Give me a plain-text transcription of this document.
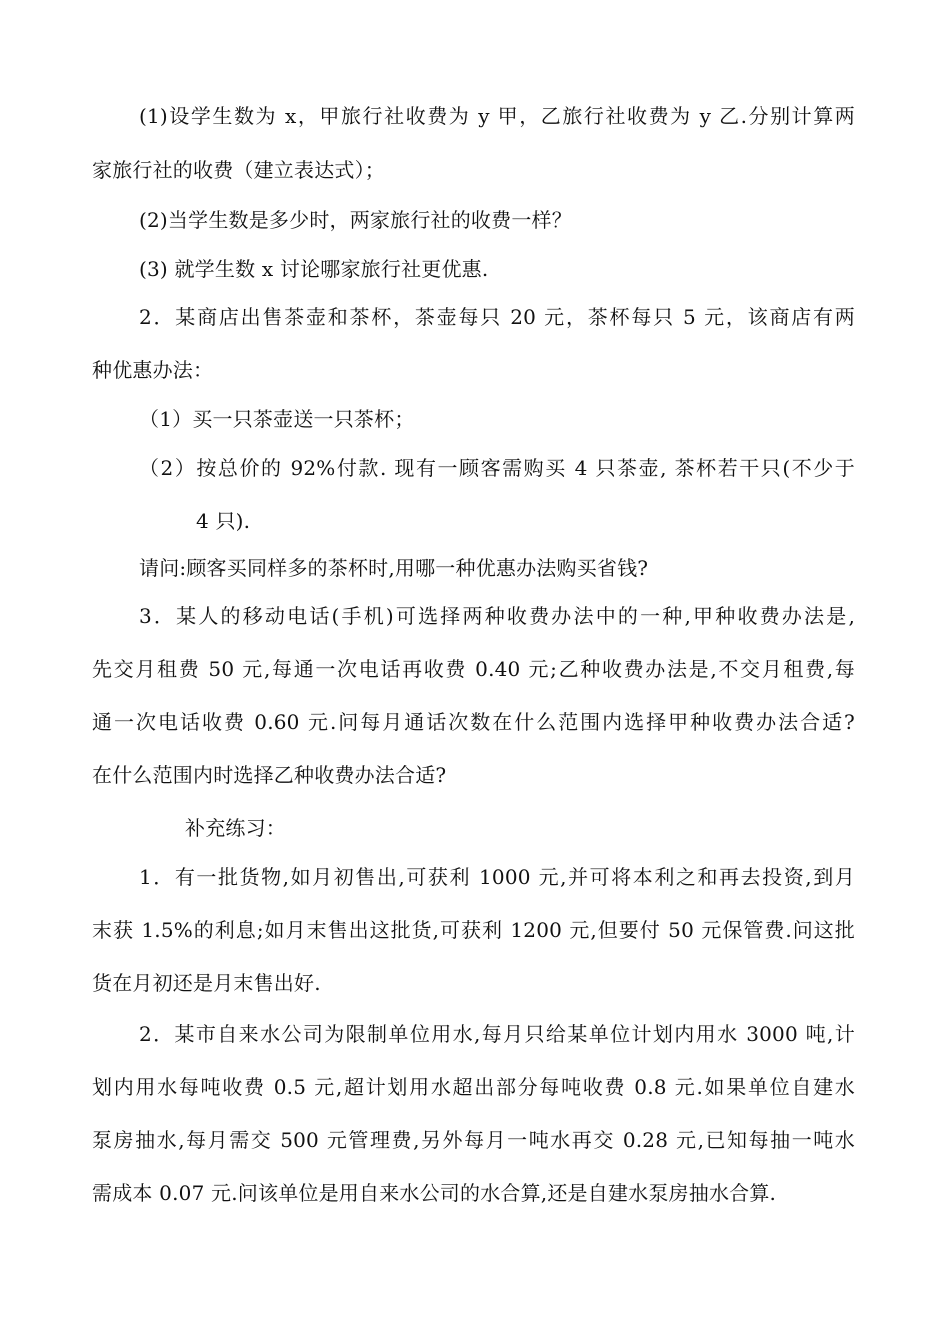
(1)设学生数为 x，甲旅行社收费为 y 甲，乙旅行社收费为 y 乙.分别计算两
家旅行社的收费（建立表达式）；
(2)当学生数是多少时，两家旅行社的收费一样？
(3) 就学生数 x 讨论哪家旅行社更优惠.
2．某商店出售茶壶和茶杯，茶壶每只 20 元，茶杯每只 5 元，该商店有两
种优惠办法：
（1）买一只茶壶送一只茶杯；
（2）按总价的 92%付款. 现有一顾客需购买 4 只茶壶, 茶杯若干只(不少于
4 只).
请问:顾客买同样多的茶杯时,用哪一种优惠办法购买省钱?
3．某人的移动电话(手机)可选择两种收费办法中的一种,甲种收费办法是,
先交月租费 50 元,每通一次电话再收费 0.40 元;乙种收费办法是,不交月租费,每
通一次电话收费 0.60 元.问每月通话次数在什么范围内选择甲种收费办法合适?
在什么范围内时选择乙种收费办法合适?
补充练习：
1．有一批货物,如月初售出,可获利 1000 元,并可将本利之和再去投资,到月
末获 1.5%的利息;如月末售出这批货,可获利 1200 元,但要付 50 元保管费.问这批
货在月初还是月末售出好.
2．某市自来水公司为限制单位用水,每月只给某单位计划内用水 3000 吨,计
划内用水每吨收费 0.5 元,超计划用水超出部分每吨收费 0.8 元.如果单位自建水
泵房抽水,每月需交 500 元管理费,另外每月一吨水再交 0.28 元,已知每抽一吨水
需成本 0.07 元.问该单位是用自来水公司的水合算,还是自建水泵房抽水合算.
